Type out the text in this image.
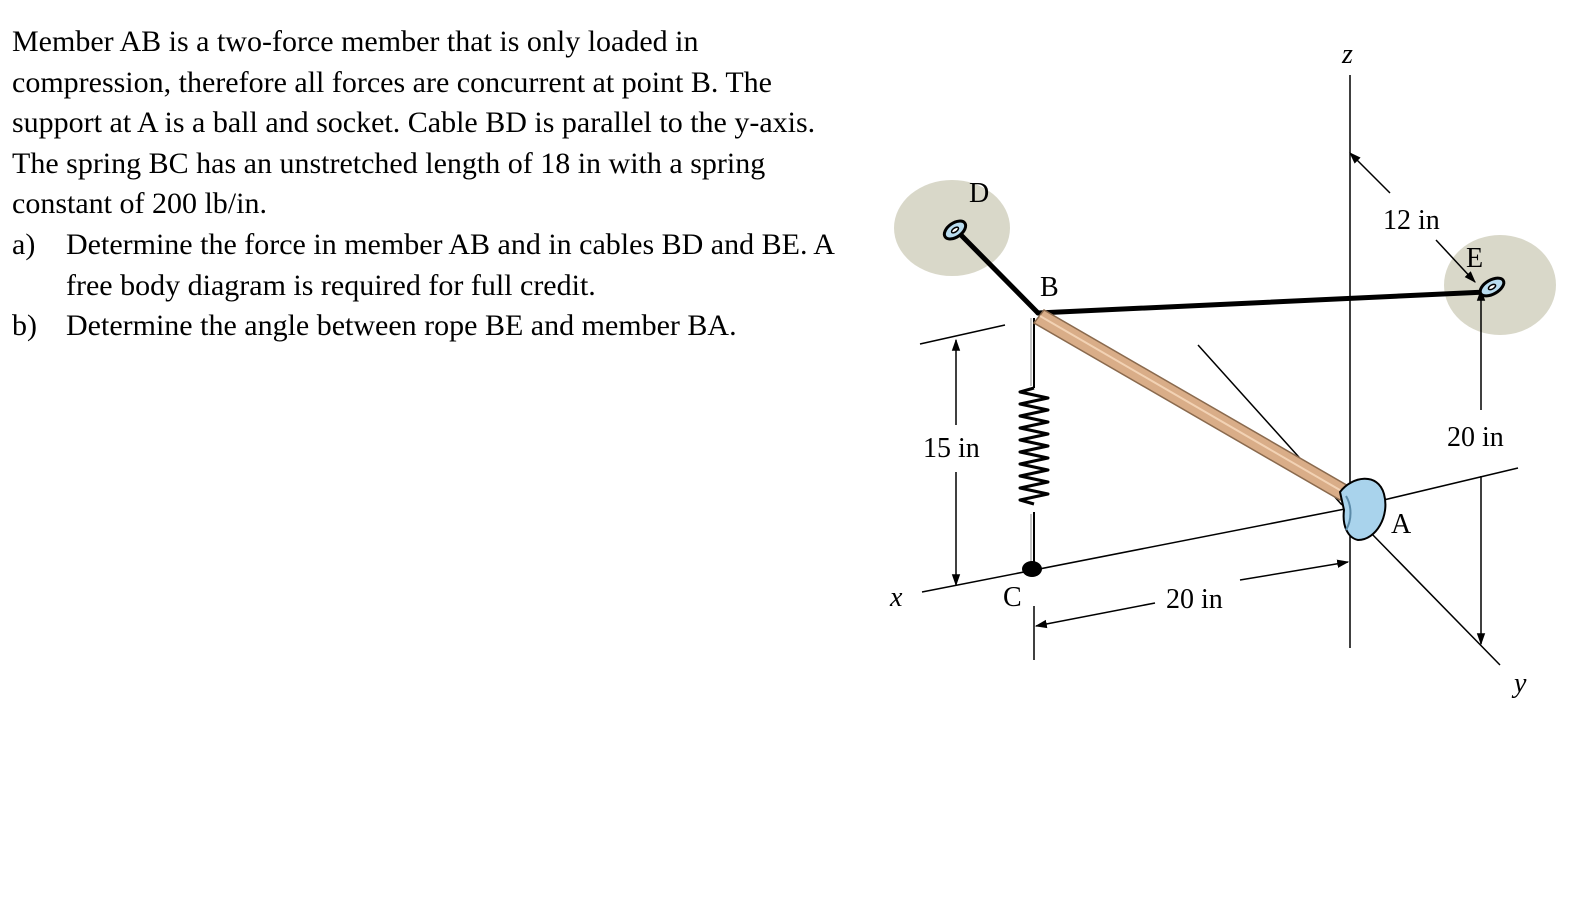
Member AB is a two-force member that is only loaded in compression, therefore all forces are concurrent at point B. The support at A is a ball and socket. Cable BD is parallel to the y-axis. The spring BC has an unstretched length of 18 in with a spring constant of 200 lb/in.

a) Determine the force in member AB and in cables BD and BE. A free body diagram is required for full credit.

b) Determine the angle between rope BE and member BA.

D
B
E
A
C
z
x
y
15 in
20 in
20 in
12 in
